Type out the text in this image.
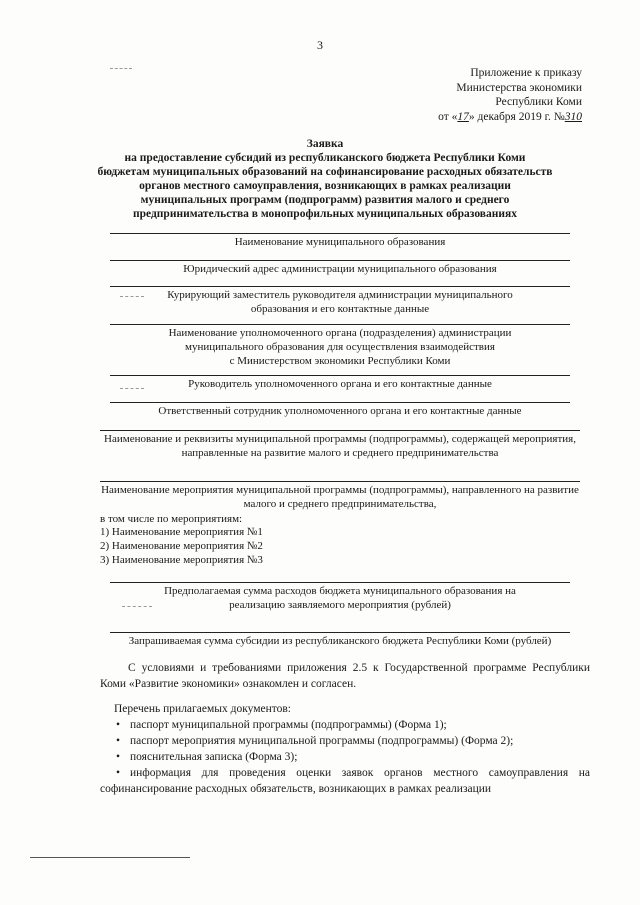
3
Приложение к приказу
Министерства экономики
Республики Коми
от «17» декабря 2019 г. №310
Заявка
на предоставление субсидий из республиканского бюджета Республики Коми
бюджетам муниципальных образований на софинансирование расходных обязательств
органов местного самоуправления, возникающих в рамках реализации
муниципальных программ (подпрограмм) развития малого и среднего
предпринимательства в монопрофильных муниципальных образованиях
Наименование муниципального образования
Юридический адрес администрации муниципального образования
Курирующий заместитель руководителя администрации муниципального
образования и его контактные данные
Наименование уполномоченного органа (подразделения) администрации
муниципального образования для осуществления взаимодействия
с Министерством экономики Республики Коми
Руководитель уполномоченного органа и его контактные данные
Ответственный сотрудник уполномоченного органа и его контактные данные
Наименование и реквизиты муниципальной программы (подпрограммы), содержащей мероприятия,
направленные на развитие малого и среднего предпринимательства
Наименование мероприятия муниципальной программы (подпрограммы), направленного на развитие
малого и среднего предпринимательства,
в том числе по мероприятиям:
1) Наименование мероприятия №1
2) Наименование мероприятия №2
3) Наименование мероприятия №3
Предполагаемая сумма расходов бюджета муниципального образования на
реализацию заявляемого мероприятия (рублей)
Запрашиваемая сумма субсидии из республиканского бюджета Республики Коми (рублей)
С условиями и требованиями приложения 2.5 к Государственной программе Республики Коми «Развитие экономики» ознакомлен и согласен.
Перечень прилагаемых документов:
• паспорт муниципальной программы (подпрограммы) (Форма 1);
• паспорт мероприятия муниципальной программы (подпрограммы) (Форма 2);
• пояснительная записка (Форма 3);
• информация для проведения оценки заявок органов местного самоуправления на софинансирование расходных обязательств, возникающих в рамках реализации
